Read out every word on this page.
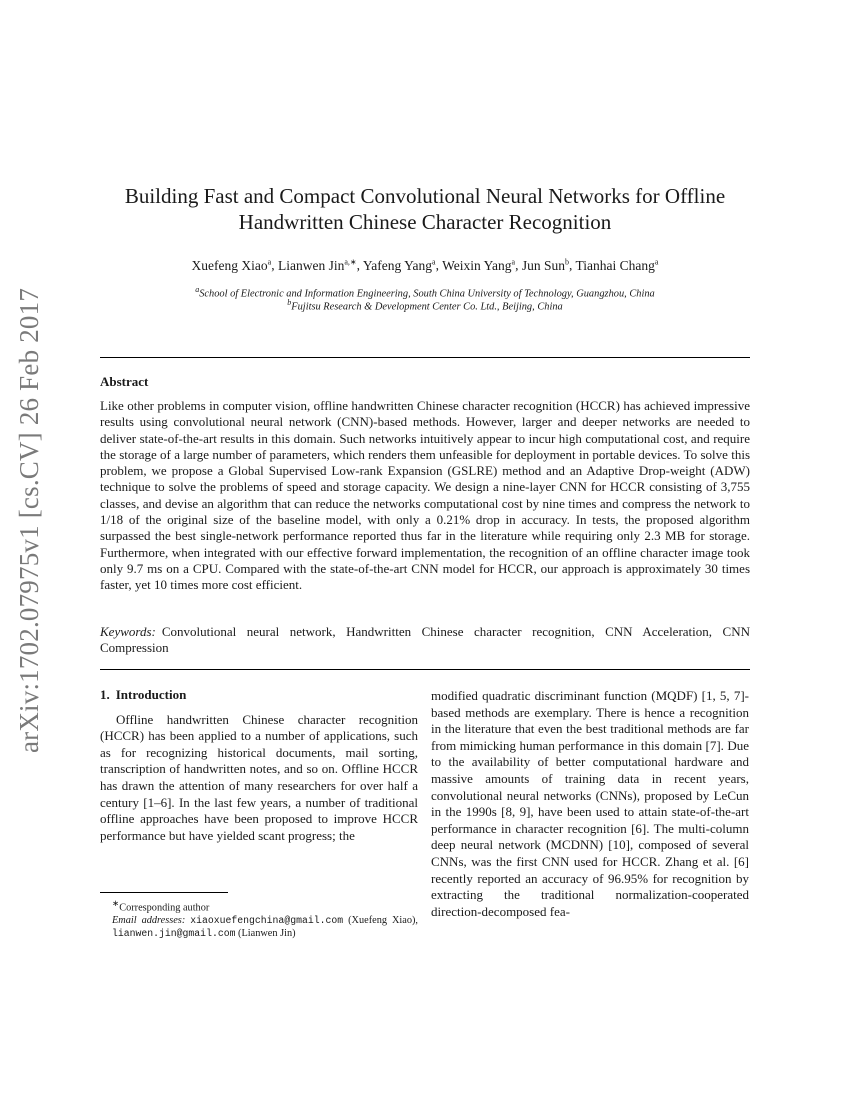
arXiv:1702.07975v1 [cs.CV] 26 Feb 2017
Building Fast and Compact Convolutional Neural Networks for Offline Handwritten Chinese Character Recognition
Xuefeng Xiao$^a$, Lianwen Jin$^{a,∗}$, Yafeng Yang$^a$, Weixin Yang$^a$, Jun Sun$^b$, Tianhai Chang$^a$
$^a$School of Electronic and Information Engineering, South China University of Technology, Guangzhou, China
$^b$Fujitsu Research & Development Center Co. Ltd., Beijing, China
Abstract

Like other problems in computer vision, offline handwritten Chinese character recognition (HCCR) has achieved impressive results using convolutional neural network (CNN)-based methods. However, larger and deeper networks are needed to deliver state-of-the-art results in this domain. Such networks intuitively appear to incur high computational cost, and require the storage of a large number of parameters, which renders them unfeasible for deployment in portable devices. To solve this problem, we propose a Global Supervised Low-rank Expansion (GSLRE) method and an Adaptive Drop-weight (ADW) technique to solve the problems of speed and storage capacity. We design a nine-layer CNN for HCCR consisting of 3,755 classes, and devise an algorithm that can reduce the networks computational cost by nine times and compress the network to 1/18 of the original size of the baseline model, with only a 0.21% drop in accuracy. In tests, the proposed algorithm surpassed the best single-network performance reported thus far in the literature while requiring only 2.3 MB for storage. Furthermore, when integrated with our effective forward implementation, the recognition of an offline character image took only 9.7 ms on a CPU. Compared with the state-of-the-art CNN model for HCCR, our approach is approximately 30 times faster, yet 10 times more cost efficient.

Keywords: Convolutional neural network, Handwritten Chinese character recognition, CNN Acceleration, CNN Compression

1. Introduction

Offline handwritten Chinese character recognition (HCCR) has been applied to a number of applications, such as for recognizing historical documents, mail sorting, transcription of handwritten notes, and so on. Offline HCCR has drawn the attention of many researchers for over half a century [1–6]. In the last few years, a number of traditional offline approaches have been proposed to improve HCCR performance but have yielded scant progress; the

modified quadratic discriminant function (MQDF) [1, 5, 7]-based methods are exemplary. There is hence a recognition in the literature that even the best traditional methods are far from mimicking human performance in this domain [7]. Due to the availability of better computational hardware and massive amounts of training data in recent years, convolutional neural networks (CNNs), proposed by LeCun in the 1990s [8, 9], have been used to attain state-of-the-art performance in character recognition [6]. The multi-column deep neural network (MCDNN) [10], composed of several CNNs, was the first CNN used for HCCR. Zhang et al. [6] recently reported an accuracy of 96.95% for recognition by extracting the traditional normalization-cooperated direction-decomposed fea-

∗Corresponding author

Email addresses: xiaoxuefengchina@gmail.com (Xuefeng Xiao), lianwen.jin@gmail.com (Lianwen Jin)
